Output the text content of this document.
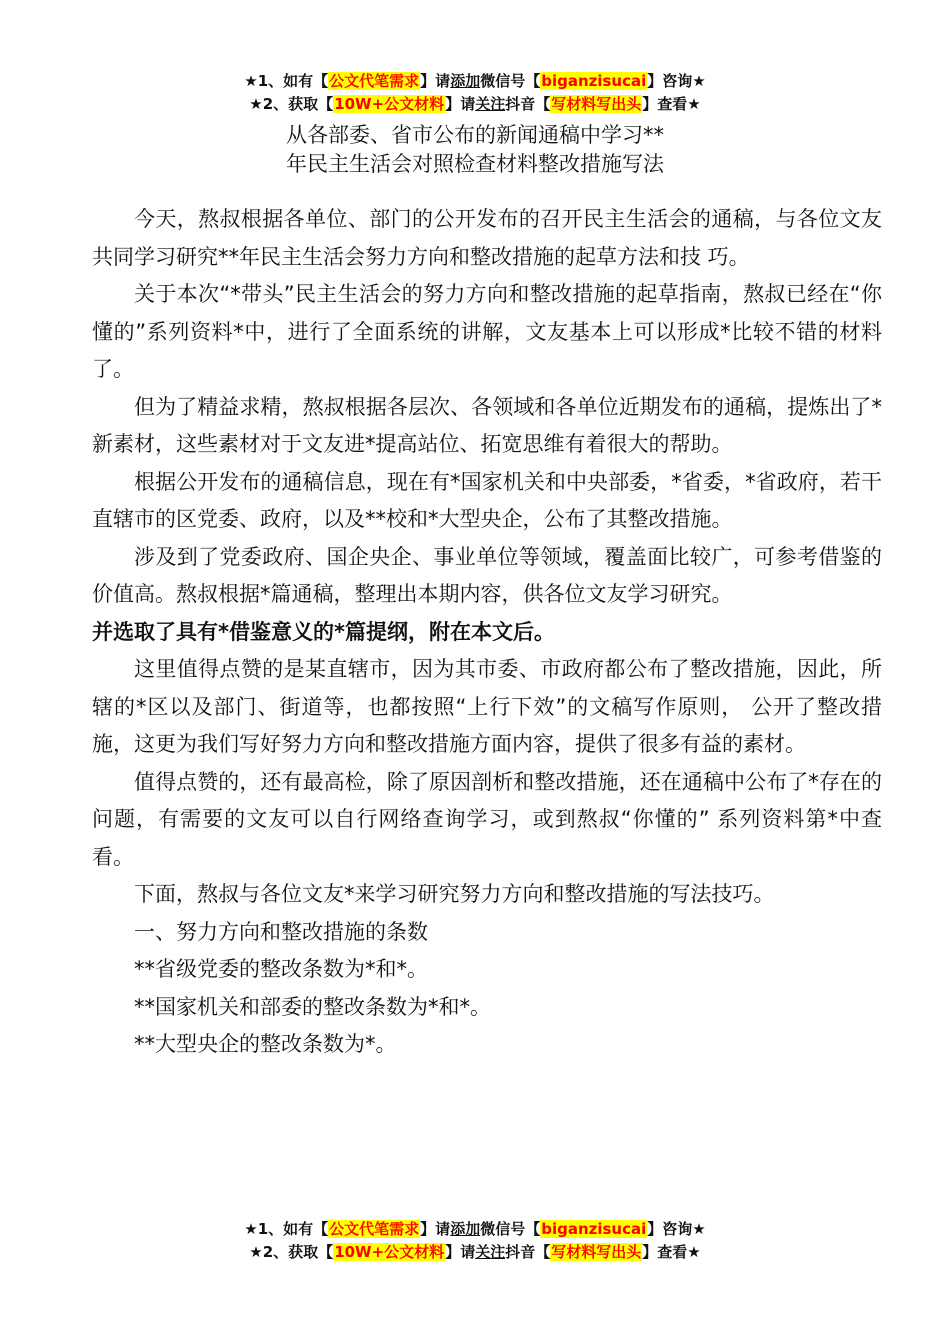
★1、如有【公文代笔需求】请添加微信号【biganzisucai】咨询★
★2、获取【10W+公文材料】请关注抖音【写材料写出头】查看★
从各部委、省市公布的新闻通稿中学习**
年民主生活会对照检查材料整改措施写法

今天，熬叔根据各单位、部门的公开发布的召开民主生活会的通稿，与各位文友共同学习研究**年民主生活会努力方向和整改措施的起草方法和技 巧。

关于本次“*带头”民主生活会的努力方向和整改措施的起草指南，熬叔已经在“你懂的”系列资料*中，进行了全面系统的讲解，文友基本上可以形成*比较不错的材料了。

但为了精益求精，熬叔根据各层次、各领域和各单位近期发布的通稿，提炼出了*新素材，这些素材对于文友进*提高站位、拓宽思维有着很大的帮助。

根据公开发布的通稿信息，现在有*国家机关和中央部委，*省委，*省政府，若干直辖市的区党委、政府，以及**校和*大型央企，公布了其整改措施。

涉及到了党委政府、国企央企、事业单位等领域，覆盖面比较广，可参考借鉴的价值高。熬叔根据*篇通稿，整理出本期内容，供各位文友学习研究。

并选取了具有*借鉴意义的*篇提纲，附在本文后。

这里值得点赞的是某直辖市，因为其市委、市政府都公布了整改措施，因此，所辖的*区以及部门、街道等，也都按照“上行下效”的文稿写作原则， 公开了整改措施，这更为我们写好努力方向和整改措施方面内容，提供了很多有益的素材。

值得点赞的，还有最高检，除了原因剖析和整改措施，还在通稿中公布了*存在的问题，有需要的文友可以自行网络查询学习，或到熬叔“你懂的” 系列资料第*中查看。

下面，熬叔与各位文友*来学习研究努力方向和整改措施的写法技巧。

一、努力方向和整改措施的条数

**省级党委的整改条数为*和*。

**国家机关和部委的整改条数为*和*。

**大型央企的整改条数为*。

★1、如有【公文代笔需求】请添加微信号【biganzisucai】咨询★
★2、获取【10W+公文材料】请关注抖音【写材料写出头】查看★
